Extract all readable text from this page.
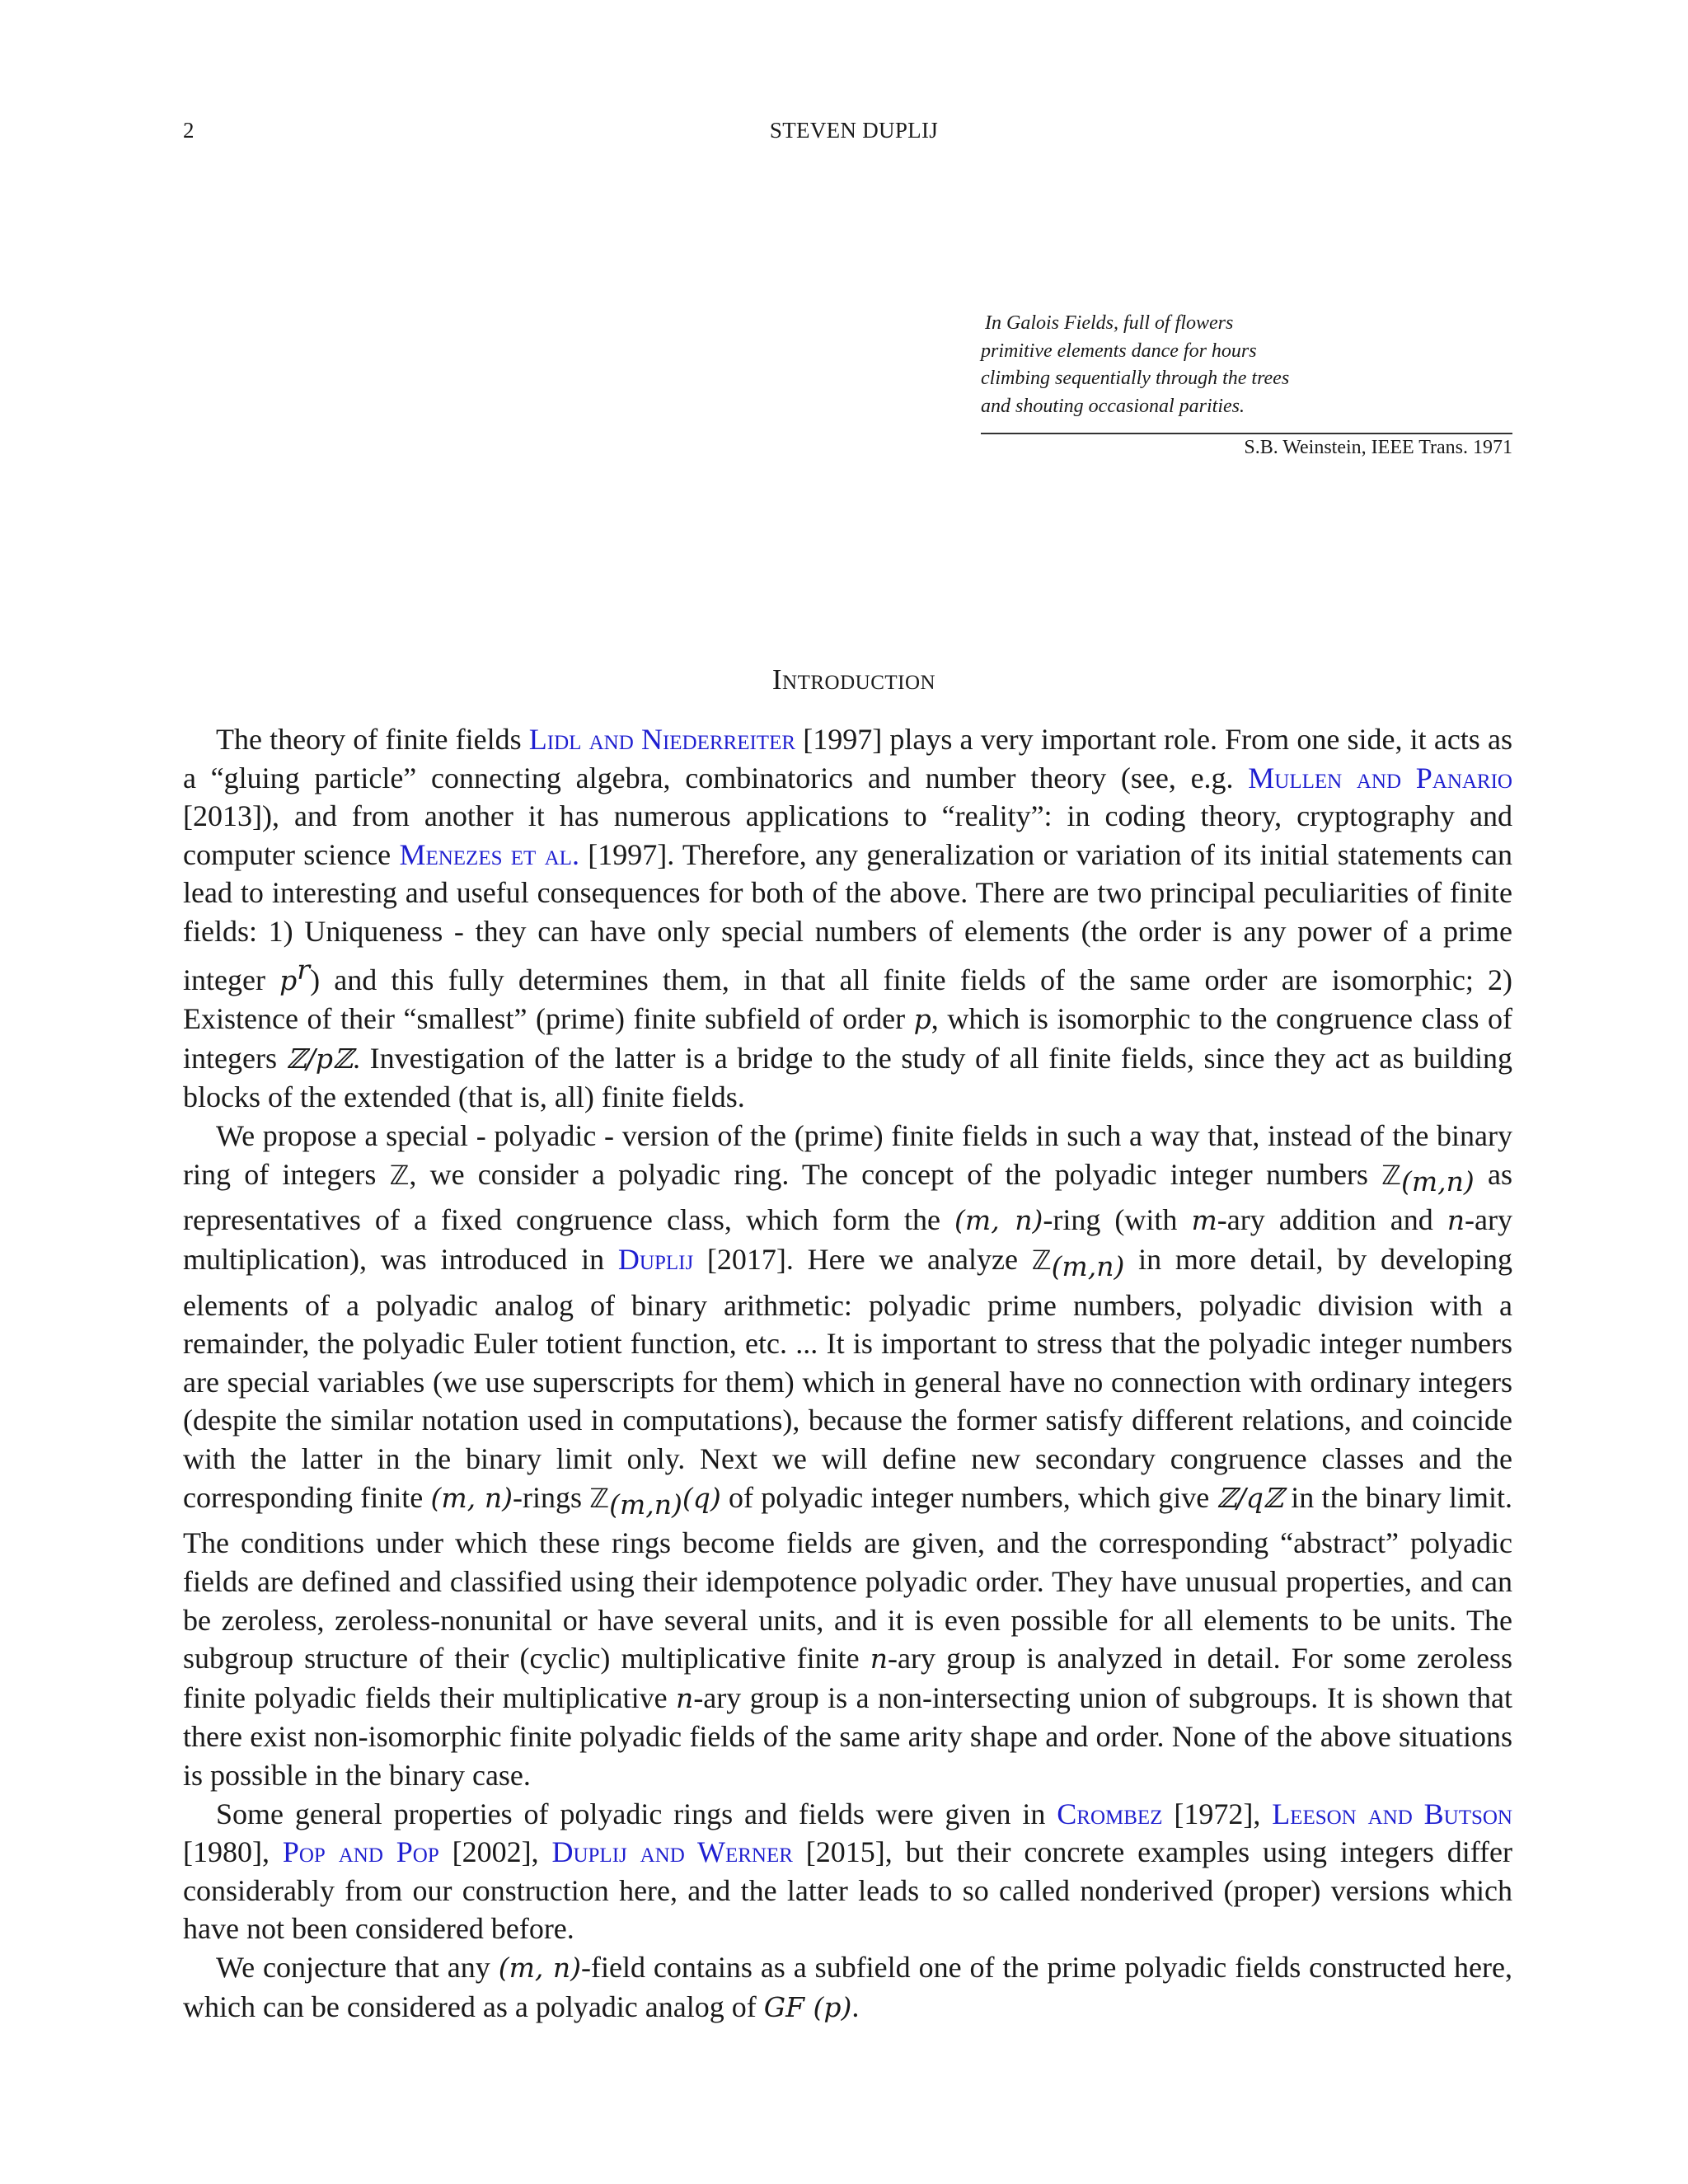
2	STEVEN DUPLIJ
In Galois Fields, full of flowers
primitive elements dance for hours
climbing sequentially through the trees
and shouting occasional parities.
S.B. Weinstein, IEEE Trans. 1971
Introduction

The theory of finite fields Lidl and Niederreiter [1997] plays a very important role. From one side, it acts as a “gluing particle” connecting algebra, combinatorics and number theory (see, e.g. Mullen and Panario [2013]), and from another it has numerous applications to “reality”: in coding theory, cryptography and computer science Menezes et al. [1997]. Therefore, any generalization or variation of its initial statements can lead to interesting and useful consequences for both of the above. There are two principal peculiarities of finite fields: 1) Uniqueness - they can have only special numbers of elements (the order is any power of a prime integer $p^r$) and this fully determines them, in that all finite fields of the same order are isomorphic; 2) Existence of their “smallest” (prime) finite subfield of order p, which is isomorphic to the congruence class of integers ℤ∕pℤ. Investigation of the latter is a bridge to the study of all finite fields, since they act as building blocks of the extended (that is, all) finite fields.

We propose a special - polyadic - version of the (prime) finite fields in such a way that, instead of the binary ring of integers ℤ, we consider a polyadic ring. The concept of the polyadic integer numbers ℤ$_{(m,n)}$ as representatives of a fixed congruence class, which form the (m, n)-ring (with m-ary addition and n-ary multiplication), was introduced in Duplij [2017]. Here we analyze ℤ$_{(m,n)}$ in more detail, by developing elements of a polyadic analog of binary arithmetic: polyadic prime numbers, polyadic division with a remainder, the polyadic Euler totient function, etc. ... It is important to stress that the polyadic integer numbers are special variables (we use superscripts for them) which in general have no connection with ordinary integers (despite the similar notation used in computations), because the former satisfy different relations, and coincide with the latter in the binary limit only. Next we will define new secondary congruence classes and the corresponding finite (m, n)-rings ℤ$_{(m,n)}$(q) of polyadic integer numbers, which give ℤ∕qℤ in the binary limit. The conditions under which these rings become fields are given, and the corresponding “abstract” polyadic fields are defined and classified using their idempotence polyadic order. They have unusual properties, and can be zeroless, zeroless-nonunital or have several units, and it is even possible for all elements to be units. The subgroup structure of their (cyclic) multiplicative finite n-ary group is analyzed in detail. For some zeroless finite polyadic fields their multiplicative n-ary group is a non-intersecting union of subgroups. It is shown that there exist non-isomorphic finite polyadic fields of the same arity shape and order. None of the above situations is possible in the binary case.

Some general properties of polyadic rings and fields were given in Crombez [1972], Leeson and Butson [1980], Pop and Pop [2002], Duplij and Werner [2015], but their concrete examples using integers differ considerably from our construction here, and the latter leads to so called nonderived (proper) versions which have not been considered before.

We conjecture that any (m, n)-field contains as a subfield one of the prime polyadic fields constructed here, which can be considered as a polyadic analog of GF (p).
